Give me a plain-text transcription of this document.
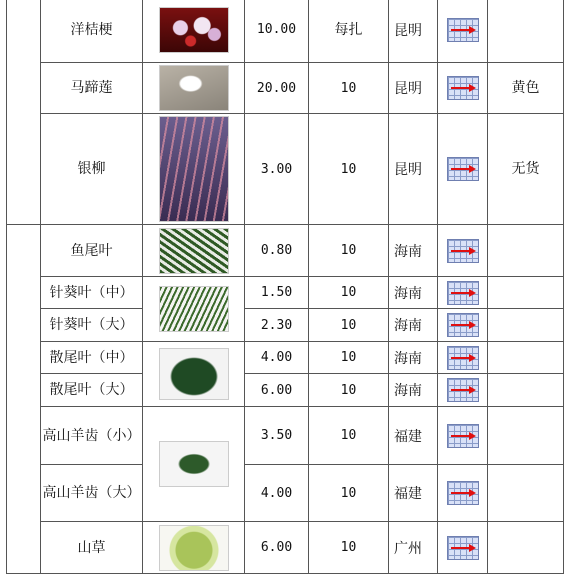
	洋桔梗		10.00	每扎	昆明	

	马蹄莲		20.00	10	昆明		黄色
	银柳		3.00	10	昆明		无货
	鱼尾叶		0.80	10	海南	

	针葵叶（中）		1.50	10	海南	

	针葵叶（大）		2.30	10	海南	

	散尾叶（中）		4.00	10	海南	

	散尾叶（大）		6.00	10	海南	

	高山羊齿（小）		3.50	10	福建	

	高山羊齿（大）		4.00	10	福建	

	山草		6.00	10	广州	
